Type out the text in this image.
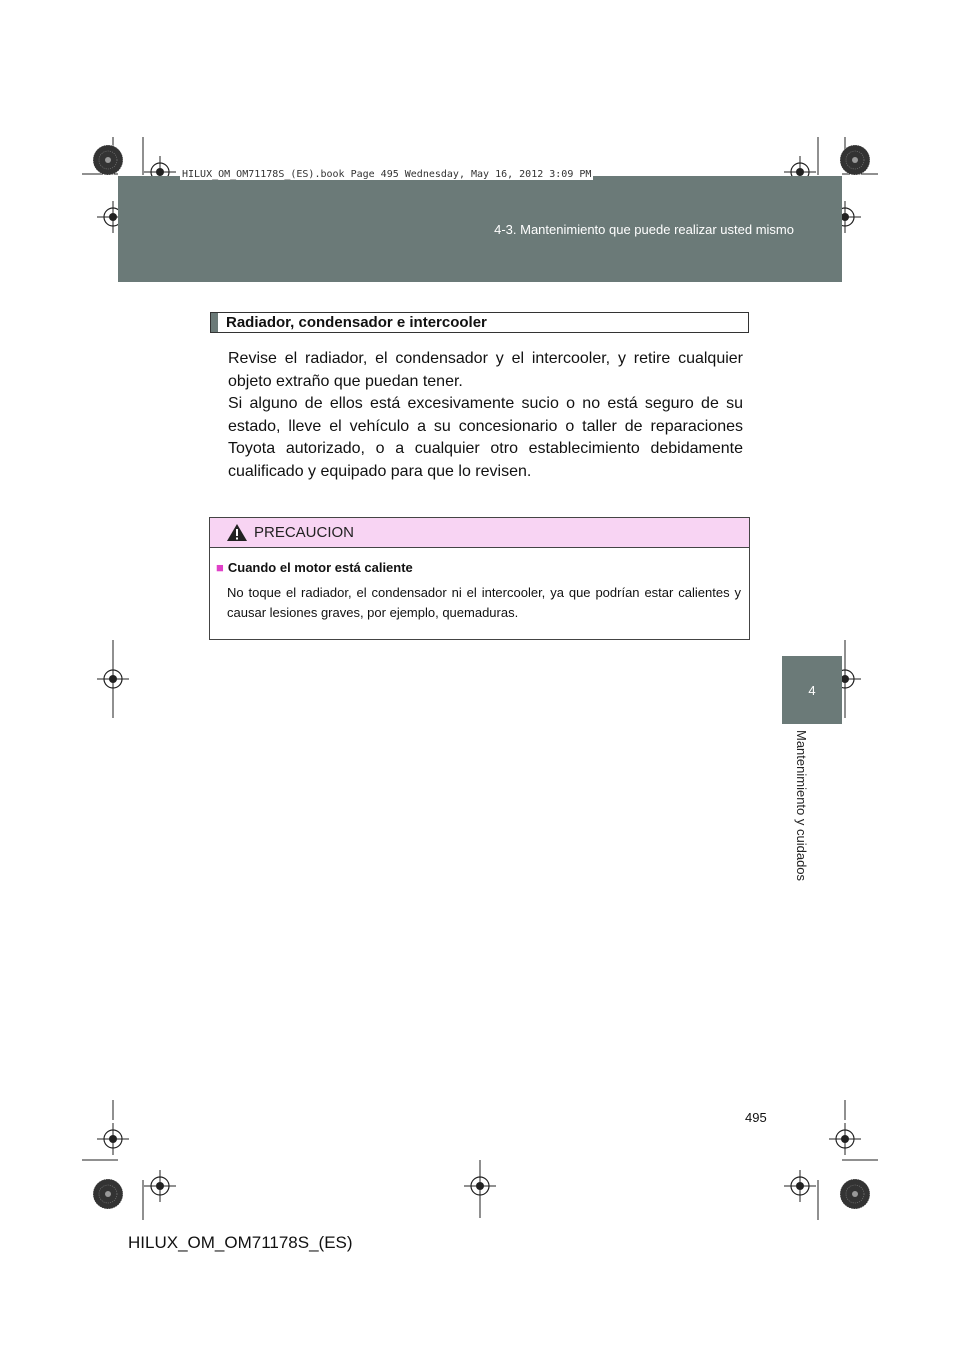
HILUX_OM_OM71178S_(ES).book Page 495 Wednesday, May 16, 2012 3:09 PM
4-3. Mantenimiento que puede realizar usted mismo
4
Mantenimiento y cuidados
Radiador, condensador e intercooler

Revise el radiador, el condensador y el intercooler, y retire cualquier objeto extraño que puedan tener.

Si alguno de ellos está excesivamente sucio o no está seguro de su estado, lleve el vehículo a su concesionario o taller de reparaciones Toyota autorizado, o a cualquier otro establecimiento debidamente cualificado y equipado para que lo revisen.

PRECAUCION
■ Cuando el motor está caliente
No toque el radiador, el condensador ni el intercooler, ya que podrían estar calientes y causar lesiones graves, por ejemplo, quemaduras.
495
HILUX_OM_OM71178S_(ES)
